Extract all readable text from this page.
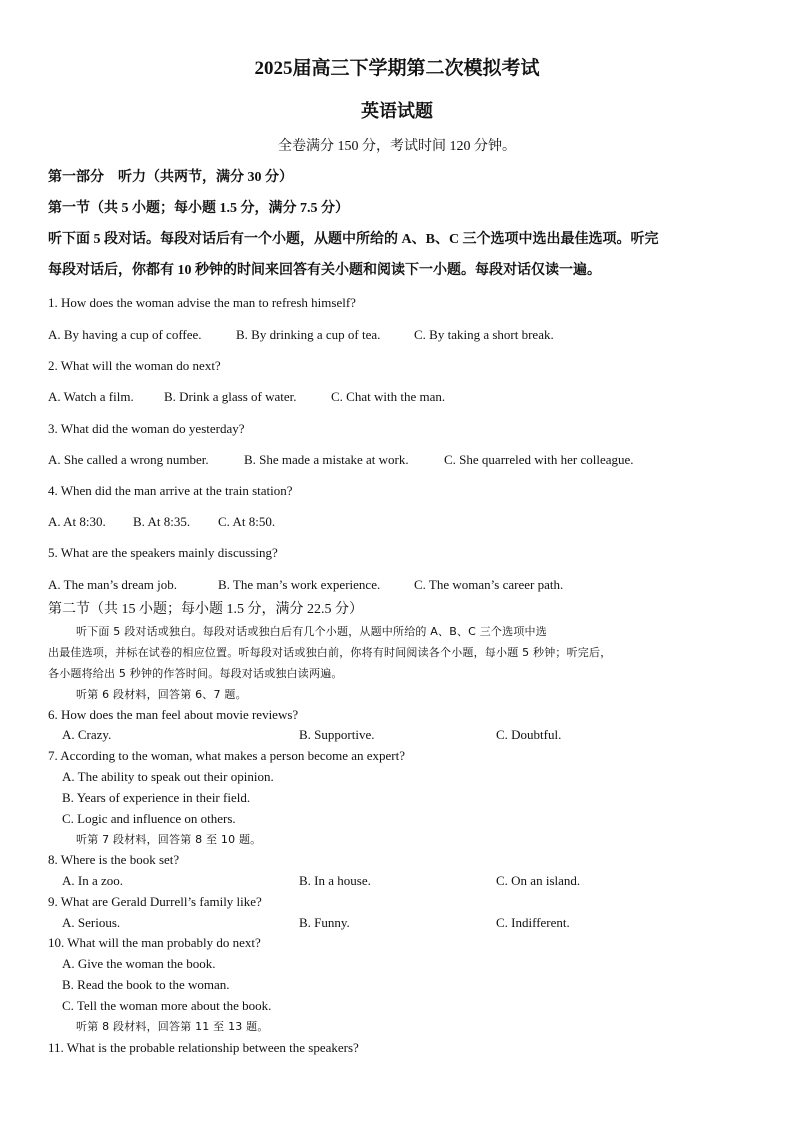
2025届高三下学期第二次模拟考试
英语试题
全卷满分 150 分，考试时间 120 分钟。
第一部分　听力（共两节，满分 30 分）
第一节（共 5 小题；每小题 1.5 分，满分 7.5 分）
听下面 5 段对话。每段对话后有一个小题，从题中所给的 A、B、C 三个选项中选出最佳选项。听完
每段对话后，你都有 10 秒钟的时间来回答有关小题和阅读下一小题。每段对话仅读一遍。
1. How does the woman advise the man to refresh himself?
A. By having a cup of coffee.	B. By drinking a cup of tea.	C. By taking a short break.
2. What will the woman do next?
A. Watch a film. B. Drink a glass of water.	C. Chat with the man.
3. What did the woman do yesterday?
A. She called a wrong number.	B. She made a mistake at work.	C. She quarreled with her colleague.
4. When did the man arrive at the train station?
A. At 8:30. B. At 8:35. C. At 8:50.
5. What are the speakers mainly discussing?
A. The man’s dream job.	B. The man’s work experience.	C. The woman’s career path.
第二节（共 15 小题；每小题 1.5 分，满分 22.5 分）
听下面 5 段对话或独白。每段对话或独白后有几个小题，从题中所给的 A、B、C 三个选项中选
出最佳选项，并标在试卷的相应位置。听每段对话或独白前，你将有时间阅读各个小题，每小题 5 秒钟；听完后，
各小题将给出 5 秒钟的作答时间。每段对话或独白读两遍。
听第 6 段材料，回答第 6、7 题。
6. How does the man feel about movie reviews?
A. Crazy.	B. Supportive.	C. Doubtful.
7. According to the woman, what makes a person become an expert?
A. The ability to speak out their opinion.
B. Years of experience in their field.
C. Logic and influence on others.
听第 7 段材料，回答第 8 至 10 题。
8. Where is the book set?
A. In a zoo.	B. In a house.	C. On an island.
9. What are Gerald Durrell’s family like?
A. Serious.	B. Funny.	C. Indifferent.
10. What will the man probably do next?
A. Give the woman the book.
B. Read the book to the woman.
C. Tell the woman more about the book.
听第 8 段材料，回答第 11 至 13 题。
11. What is the probable relationship between the speakers?
